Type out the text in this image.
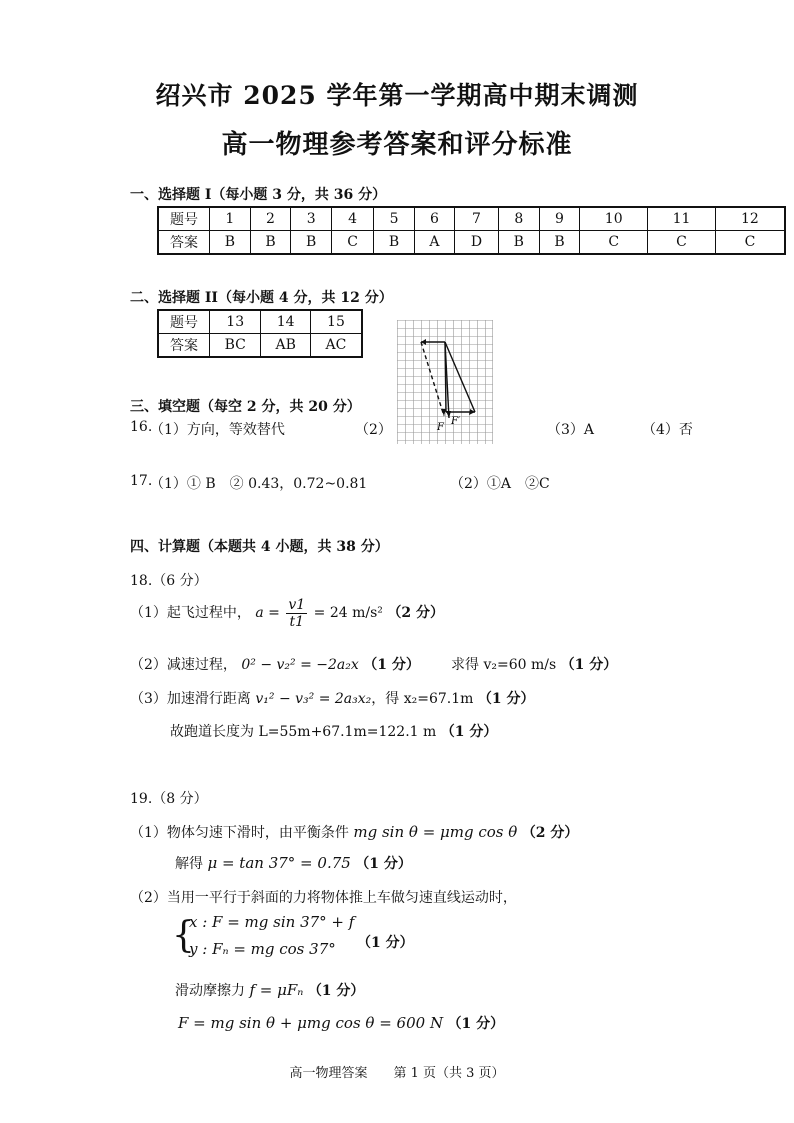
绍兴市 2025 学年第一学期高中期末调测
高一物理参考答案和评分标准
一、选择题 I（每小题 3 分，共 36 分）
题号	1	2	3	4	5	6	7	8	9	10	11	12
答案	B	B	B	C	B	A	D	B	B	C	C	C
二、选择题 II（每小题 4 分，共 12 分）
题号	13	14	15
答案	BC	AB	AC
F
F′
三、填空题（每空 2 分，共 20 分）
16.
（1）方向，等效替代	（2）	（3）A	（4）否
17.
（1）① B　② 0.43，0.72~0.81	（2）①A　②C
四、计算题（本题共 4 小题，共 38 分）
18.（6 分）
（1）起飞过程中， $a = \frac{v1}{t1} = 24$ m/s² （2 分）
（2）减速过程， 0² − v₂² = −2a₂x （1 分） 求得 v₂=60 m/s （1 分）
（3）加速滑行距离 v₁² − v₃² = 2a₃x₂，得 x₂=67.1m （1 分）
故跑道长度为 L=55m+67.1m=122.1 m （1 分）
19.（8 分）
（1）物体匀速下滑时，由平衡条件 mg sin θ = μmg cos θ （2 分）
解得 μ = tan 37° = 0.75 （1 分）
（2）当用一平行于斜面的力将物体推上车做匀速直线运动时，
{
x : F = mg sin 37° + f
y : Fₙ = mg cos 37° （1 分）
滑动摩擦力 f = μFₙ （1 分）
F = mg sin θ + μmg cos θ = 600 N （1 分）
高一物理答案　　第 1 页（共 3 页）
